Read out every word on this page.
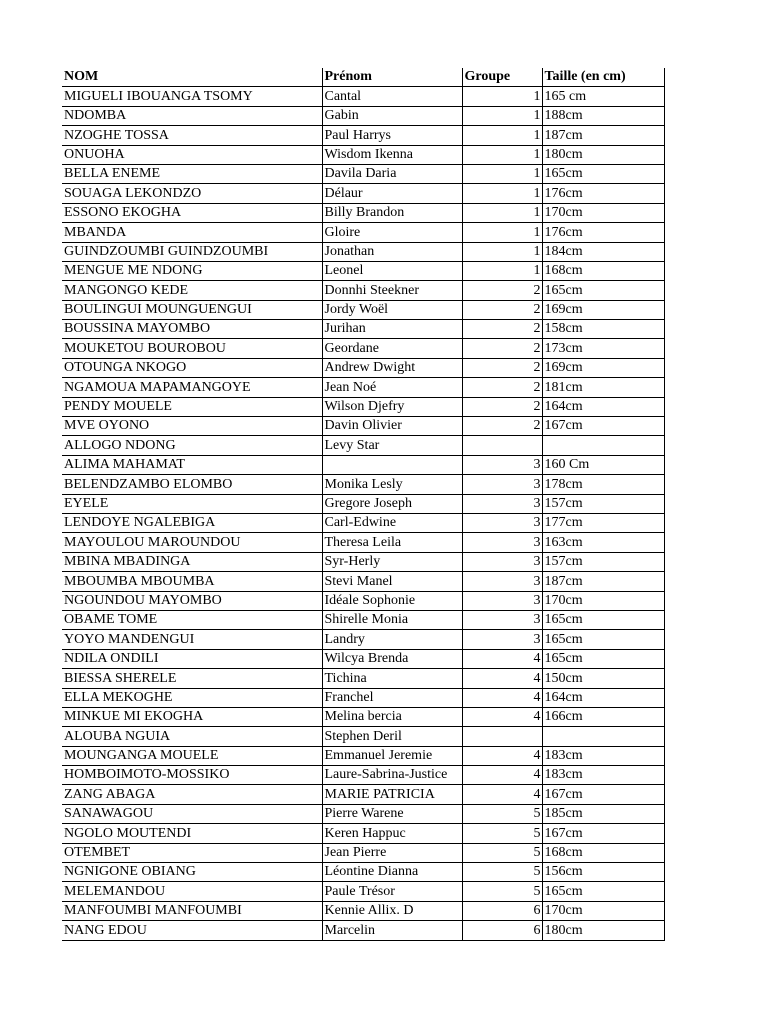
NOM	Prénom	Groupe	Taille (en cm)
MIGUELI IBOUANGA TSOMY	Cantal	1	165 cm
NDOMBA	Gabin	1	188cm
NZOGHE TOSSA	Paul Harrys	1	187cm
ONUOHA	Wisdom Ikenna	1	180cm
BELLA ENEME	Davila Daria	1	165cm
SOUAGA LEKONDZO	Délaur	1	176cm
ESSONO EKOGHA	Billy Brandon	1	170cm
MBANDA	Gloire	1	176cm
GUINDZOUMBI GUINDZOUMBI	Jonathan	1	184cm
MENGUE ME NDONG	Leonel	1	168cm
MANGONGO KEDE	Donnhi Steekner	2	165cm
BOULINGUI MOUNGUENGUI	Jordy Woël	2	169cm
BOUSSINA MAYOMBO	Jurihan	2	158cm
MOUKETOU BOUROBOU	Geordane	2	173cm
OTOUNGA NKOGO	Andrew Dwight	2	169cm
NGAMOUA MAPAMANGOYE	Jean Noé	2	181cm
PENDY MOUELE	Wilson Djefry	2	164cm
MVE OYONO	Davin Olivier	2	167cm
ALLOGO NDONG	Levy Star		
ALIMA MAHAMAT		3	160 Cm
BELENDZAMBO ELOMBO	Monika Lesly	3	178cm
EYELE	Gregore Joseph	3	157cm
LENDOYE NGALEBIGA	Carl-Edwine	3	177cm
MAYOULOU MAROUNDOU	Theresa Leila	3	163cm
MBINA MBADINGA	Syr-Herly	3	157cm
MBOUMBA MBOUMBA	Stevi Manel	3	187cm
NGOUNDOU MAYOMBO	Idéale Sophonie	3	170cm
OBAME TOME	Shirelle Monia	3	165cm
YOYO MANDENGUI	Landry	3	165cm
NDILA ONDILI	Wilcya Brenda	4	165cm
BIESSA SHERELE	Tichina	4	150cm
ELLA MEKOGHE	Franchel	4	164cm
MINKUE MI EKOGHA	Melina bercia	4	166cm
ALOUBA NGUIA	Stephen Deril		
MOUNGANGA MOUELE	Emmanuel Jeremie	4	183cm
HOMBOIMOTO-MOSSIKO	Laure-Sabrina-Justice	4	183cm
ZANG ABAGA	MARIE PATRICIA	4	167cm
SANAWAGOU	Pierre Warene	5	185cm
NGOLO MOUTENDI	Keren Happuc	5	167cm
OTEMBET	Jean Pierre	5	168cm
NGNIGONE OBIANG	Léontine Dianna	5	156cm
MELEMANDOU	Paule Trésor	5	165cm
MANFOUMBI MANFOUMBI	Kennie Allix. D	6	170cm
NANG EDOU	Marcelin	6	180cm
